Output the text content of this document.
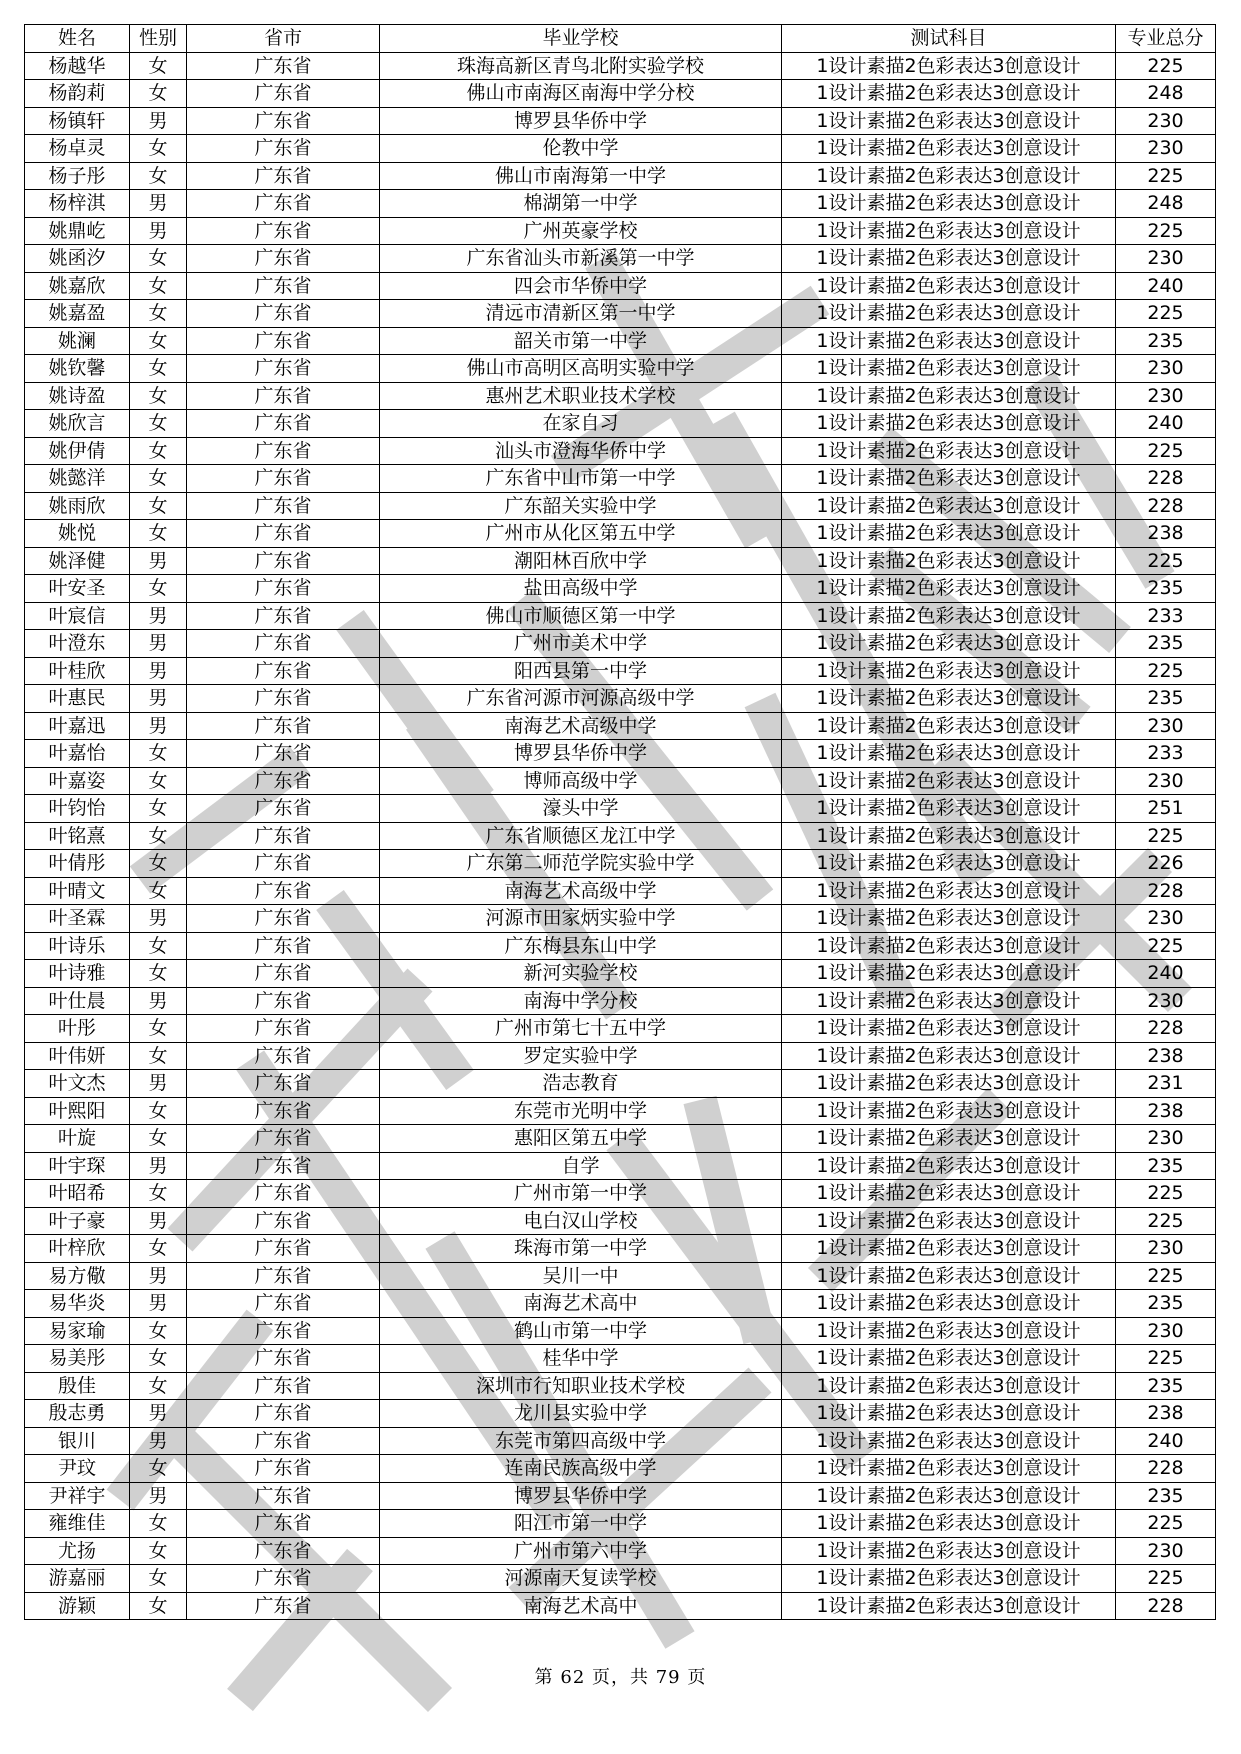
姓名	性别	省市	毕业学校	测试科目	专业总分
杨越华	女	广东省	珠海高新区青鸟北附实验学校	1设计素描2色彩表达3创意设计	225
杨韵莉	女	广东省	佛山市南海区南海中学分校	1设计素描2色彩表达3创意设计	248
杨镇轩	男	广东省	博罗县华侨中学	1设计素描2色彩表达3创意设计	230
杨卓灵	女	广东省	伦教中学	1设计素描2色彩表达3创意设计	230
杨子彤	女	广东省	佛山市南海第一中学	1设计素描2色彩表达3创意设计	225
杨梓淇	男	广东省	棉湖第一中学	1设计素描2色彩表达3创意设计	248
姚鼎屹	男	广东省	广州英豪学校	1设计素描2色彩表达3创意设计	225
姚函汐	女	广东省	广东省汕头市新溪第一中学	1设计素描2色彩表达3创意设计	230
姚嘉欣	女	广东省	四会市华侨中学	1设计素描2色彩表达3创意设计	240
姚嘉盈	女	广东省	清远市清新区第一中学	1设计素描2色彩表达3创意设计	225
姚澜	女	广东省	韶关市第一中学	1设计素描2色彩表达3创意设计	235
姚钦馨	女	广东省	佛山市高明区高明实验中学	1设计素描2色彩表达3创意设计	230
姚诗盈	女	广东省	惠州艺术职业技术学校	1设计素描2色彩表达3创意设计	230
姚欣言	女	广东省	在家自习	1设计素描2色彩表达3创意设计	240
姚伊倩	女	广东省	汕头市澄海华侨中学	1设计素描2色彩表达3创意设计	225
姚懿洋	女	广东省	广东省中山市第一中学	1设计素描2色彩表达3创意设计	228
姚雨欣	女	广东省	广东韶关实验中学	1设计素描2色彩表达3创意设计	228
姚悦	女	广东省	广州市从化区第五中学	1设计素描2色彩表达3创意设计	238
姚泽健	男	广东省	潮阳林百欣中学	1设计素描2色彩表达3创意设计	225
叶安圣	女	广东省	盐田高级中学	1设计素描2色彩表达3创意设计	235
叶宸信	男	广东省	佛山市顺德区第一中学	1设计素描2色彩表达3创意设计	233
叶澄东	男	广东省	广州市美术中学	1设计素描2色彩表达3创意设计	235
叶桂欣	男	广东省	阳西县第一中学	1设计素描2色彩表达3创意设计	225
叶惠民	男	广东省	广东省河源市河源高级中学	1设计素描2色彩表达3创意设计	235
叶嘉迅	男	广东省	南海艺术高级中学	1设计素描2色彩表达3创意设计	230
叶嘉怡	女	广东省	博罗县华侨中学	1设计素描2色彩表达3创意设计	233
叶嘉姿	女	广东省	博师高级中学	1设计素描2色彩表达3创意设计	230
叶钧怡	女	广东省	濠头中学	1设计素描2色彩表达3创意设计	251
叶铭熹	女	广东省	广东省顺德区龙江中学	1设计素描2色彩表达3创意设计	225
叶倩彤	女	广东省	广东第二师范学院实验中学	1设计素描2色彩表达3创意设计	226
叶晴文	女	广东省	南海艺术高级中学	1设计素描2色彩表达3创意设计	228
叶圣霖	男	广东省	河源市田家炳实验中学	1设计素描2色彩表达3创意设计	230
叶诗乐	女	广东省	广东梅县东山中学	1设计素描2色彩表达3创意设计	225
叶诗雅	女	广东省	新河实验学校	1设计素描2色彩表达3创意设计	240
叶仕晨	男	广东省	南海中学分校	1设计素描2色彩表达3创意设计	230
叶彤	女	广东省	广州市第七十五中学	1设计素描2色彩表达3创意设计	228
叶伟妍	女	广东省	罗定实验中学	1设计素描2色彩表达3创意设计	238
叶文杰	男	广东省	浩志教育	1设计素描2色彩表达3创意设计	231
叶熙阳	女	广东省	东莞市光明中学	1设计素描2色彩表达3创意设计	238
叶旋	女	广东省	惠阳区第五中学	1设计素描2色彩表达3创意设计	230
叶宇琛	男	广东省	自学	1设计素描2色彩表达3创意设计	235
叶昭希	女	广东省	广州市第一中学	1设计素描2色彩表达3创意设计	225
叶子豪	男	广东省	电白汉山学校	1设计素描2色彩表达3创意设计	225
叶梓欣	女	广东省	珠海市第一中学	1设计素描2色彩表达3创意设计	230
易方儆	男	广东省	吴川一中	1设计素描2色彩表达3创意设计	225
易华炎	男	广东省	南海艺术高中	1设计素描2色彩表达3创意设计	235
易家瑜	女	广东省	鹤山市第一中学	1设计素描2色彩表达3创意设计	230
易美彤	女	广东省	桂华中学	1设计素描2色彩表达3创意设计	225
殷佳	女	广东省	深圳市行知职业技术学校	1设计素描2色彩表达3创意设计	235
殷志勇	男	广东省	龙川县实验中学	1设计素描2色彩表达3创意设计	238
银川	男	广东省	东莞市第四高级中学	1设计素描2色彩表达3创意设计	240
尹玟	女	广东省	连南民族高级中学	1设计素描2色彩表达3创意设计	228
尹祥宇	男	广东省	博罗县华侨中学	1设计素描2色彩表达3创意设计	235
雍维佳	女	广东省	阳江市第一中学	1设计素描2色彩表达3创意设计	225
尤扬	女	广东省	广州市第六中学	1设计素描2色彩表达3创意设计	230
游嘉丽	女	广东省	河源南天复读学校	1设计素描2色彩表达3创意设计	225
游颖	女	广东省	南海艺术高中	1设计素描2色彩表达3创意设计	228
第 62 页，共 79 页
